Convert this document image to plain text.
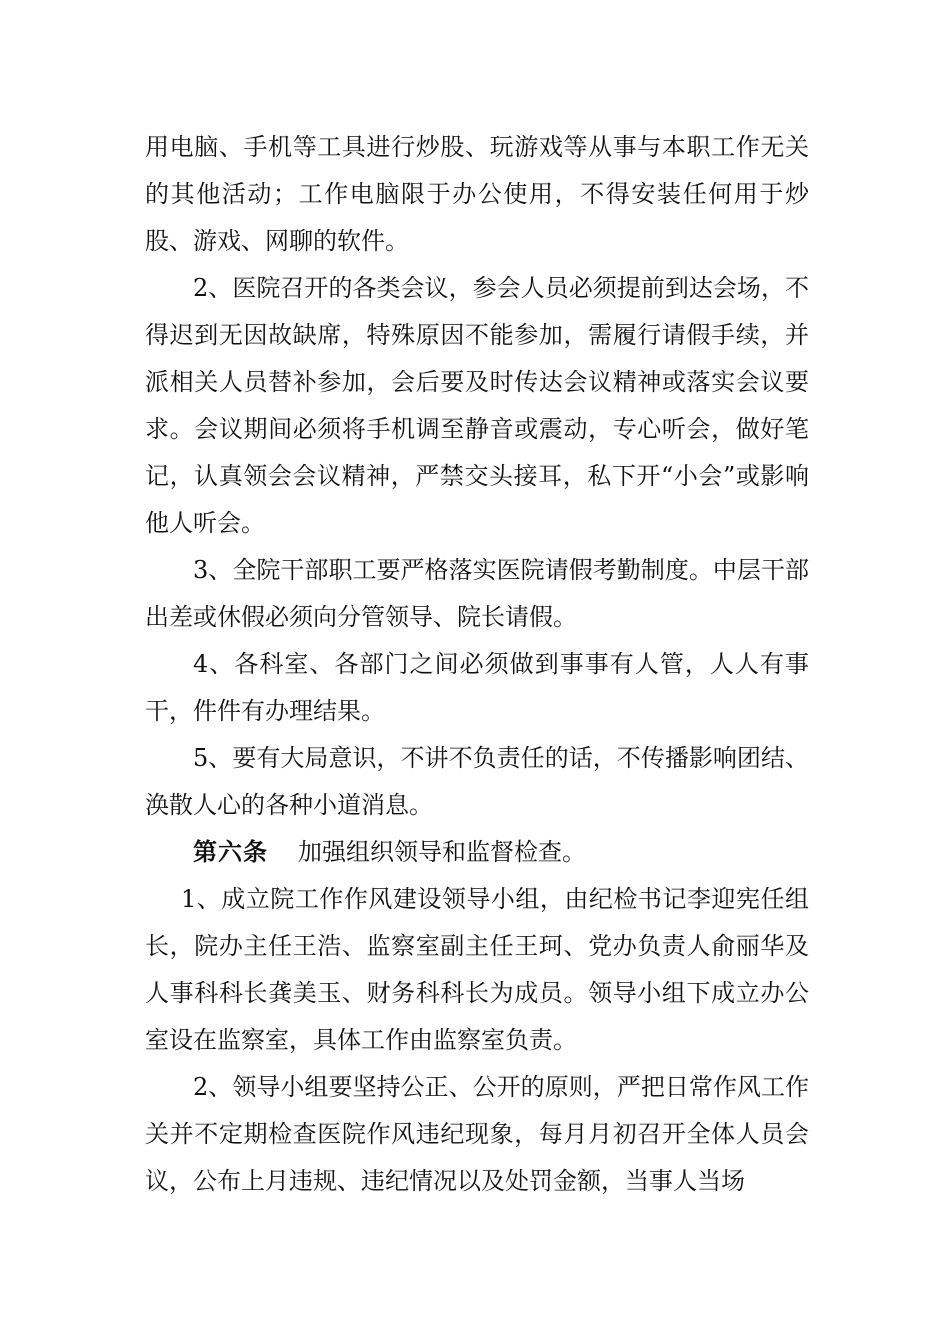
用电脑、手机等工具进行炒股、玩游戏等从事与本职工作无关的其他活动；工作电脑限于办公使用，不得安装任何用于炒股、游戏、网聊的软件。

2、医院召开的各类会议，参会人员必须提前到达会场，不得迟到无因故缺席，特殊原因不能参加，需履行请假手续，并派相关人员替补参加，会后要及时传达会议精神或落实会议要求。会议期间必须将手机调至静音或震动，专心听会，做好笔记，认真领会会议精神，严禁交头接耳，私下开“小会”或影响他人听会。

3、全院干部职工要严格落实医院请假考勤制度。中层干部出差或休假必须向分管领导、院长请假。

4、各科室、各部门之间必须做到事事有人管，人人有事干，件件有办理结果。

5、要有大局意识，不讲不负责任的话，不传播影响团结、涣散人心的各种小道消息。

第六条 加强组织领导和监督检查。

1、成立院工作作风建设领导小组，由纪检书记李迎宪任组长，院办主任王浩、监察室副主任王珂、党办负责人俞丽华及人事科科长龚美玉、财务科科长为成员。领导小组下成立办公室设在监察室，具体工作由监察室负责。

2、领导小组要坚持公正、公开的原则，严把日常作风工作关并不定期检查医院作风违纪现象，每月月初召开全体人员会议，公布上月违规、违纪情况以及处罚金额，当事人当场
